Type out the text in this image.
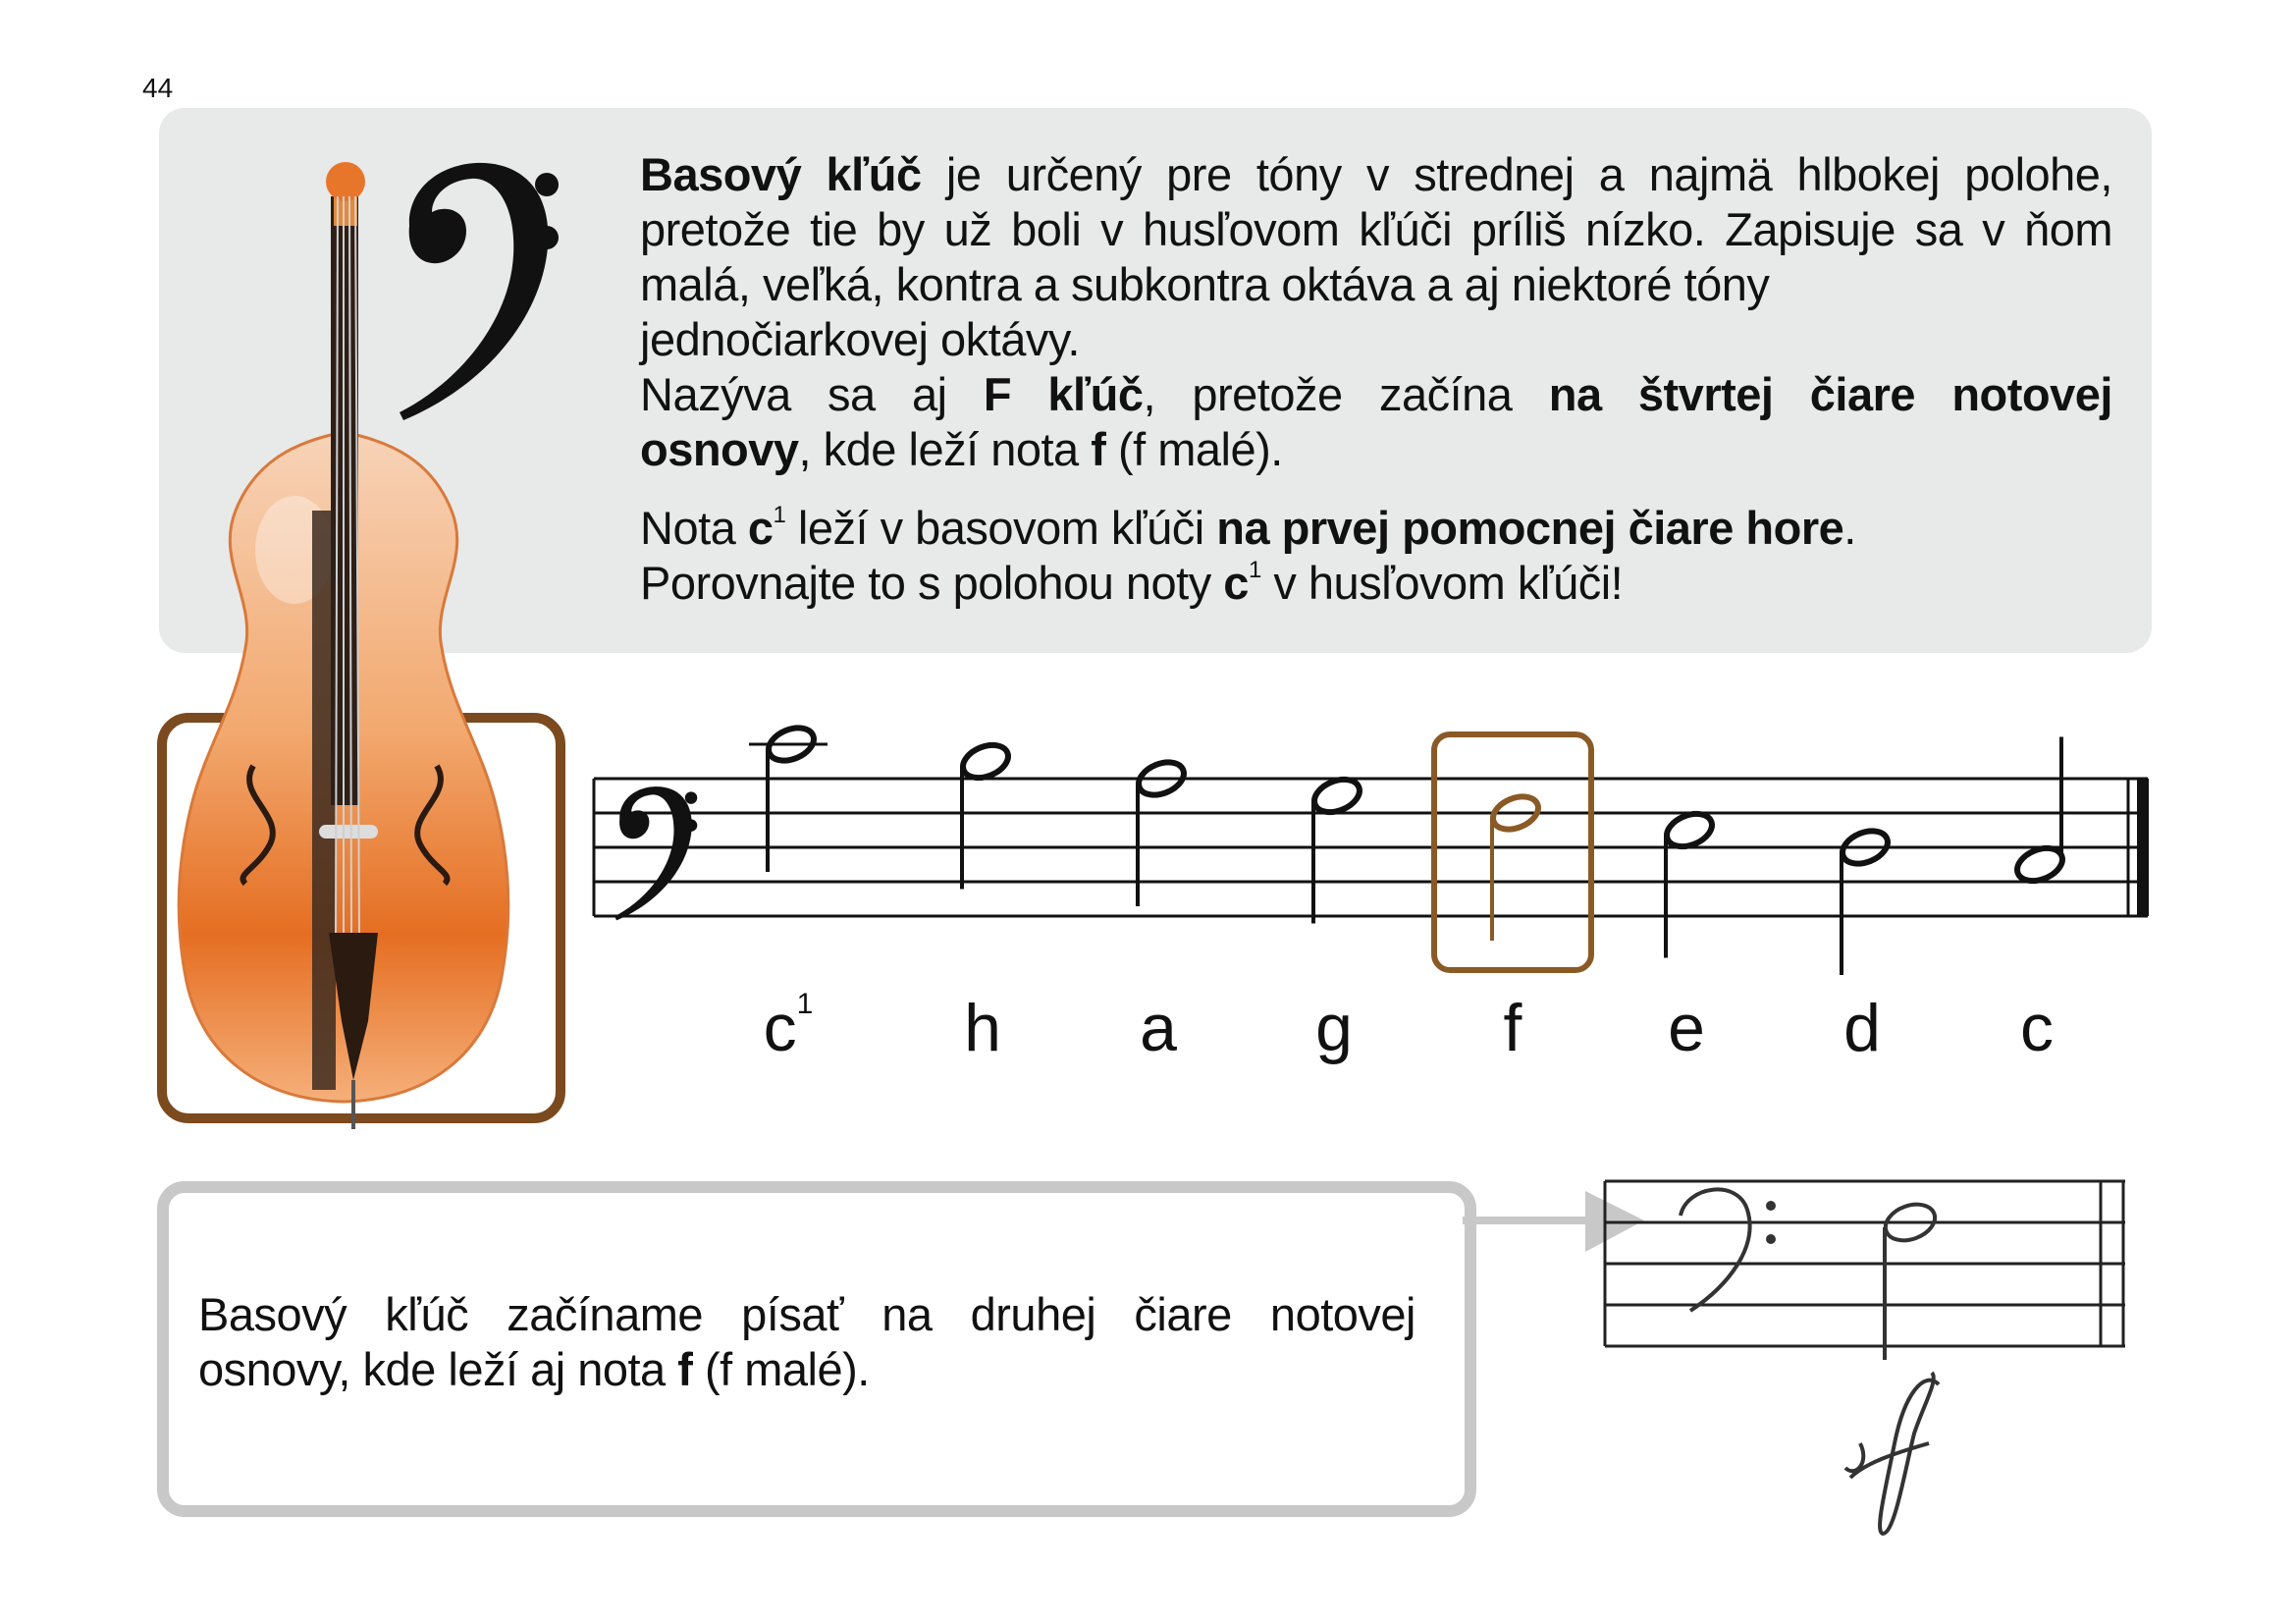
44

Basový kľúč je určený pre tóny v strednej a najmä hlbokej polohe, pretože tie by už boli v husľovom kľúči príliš nízko. Zapisuje sa v ňom malá, veľká, kontra a subkontra oktáva a aj niektoré tóny

jednočiarkovej oktávy.

Nazýva sa aj F kľúč, pretože začína na štvrtej čiare notovej

osnovy, kde leží nota f (f malé).

Nota $c^1$ leží v basovom kľúči na prvej pomocnej čiare hore.

Porovnajte to s polohou noty $c^1$ v husľovom kľúči!

$c^1$	h	a	g	f	e	d	c

Basový kľúč začíname písať na druhej čiare notovej
osnovy, kde leží aj nota f (f malé).
